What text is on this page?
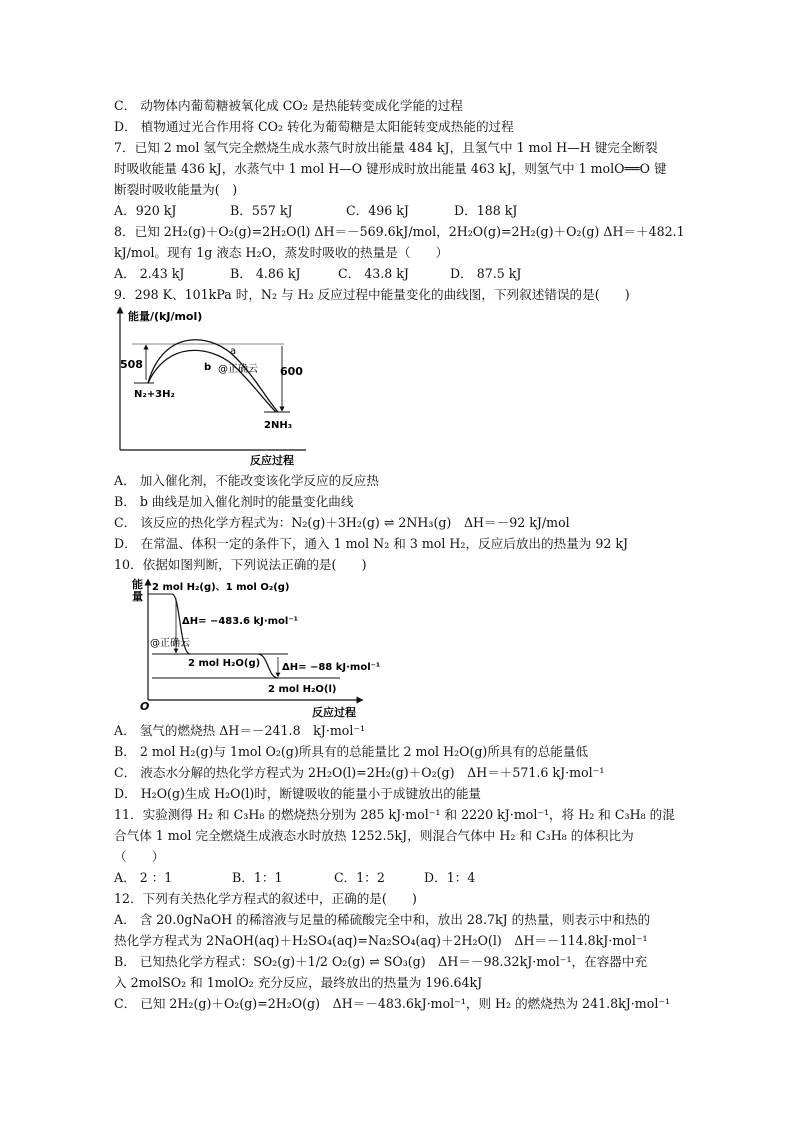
C． 动物体内葡萄糖被氧化成 CO₂ 是热能转变成化学能的过程
D． 植物通过光合作用将 CO₂ 转化为葡萄糖是太阳能转变成热能的过程
7．已知 2 mol 氢气完全燃烧生成水蒸气时放出能量 484 kJ，且氢气中 1 mol H—H 键完全断裂
时吸收能量 436 kJ，水蒸气中 1 mol H—O 键形成时放出能量 463 kJ，则氢气中 1 molO══O 键
断裂时吸收能量为(　)
A．920 kJ	B．557 kJ	C．496 kJ	D．188 kJ
8．已知 2H₂(g)＋O₂(g)=2H₂O(l) ΔH＝－569.6kJ/mol，2H₂O(g)=2H₂(g)＋O₂(g) ΔH＝＋482.1
kJ/mol。现有 1g 液态 H₂O，蒸发时吸收的热量是（　　）
A． 2.43 kJ	B． 4.86 kJ	C． 43.8 kJ	D． 87.5 kJ
9．298 K、101kPa 时，N₂ 与 H₂ 反应过程中能量变化的曲线图，下列叙述错误的是(　　)
能量/(kJ/mol)
反应过程
508
600
a
b @正确云
N₂+3H₂
2NH₃
A． 加入催化剂，不能改变该化学反应的反应热
B． b 曲线是加入催化剂时的能量变化曲线
C． 该反应的热化学方程式为：N₂(g)＋3H₂(g) ⇌ 2NH₃(g)　ΔH＝－92 kJ/mol
D． 在常温、体积一定的条件下，通入 1 mol N₂ 和 3 mol H₂，反应后放出的热量为 92 kJ
10．依据如图判断，下列说法正确的是(　　)
能
量
O	反应过程
2 mol H₂(g)、1 mol O₂(g)
2 mol H₂O(g)
@正确云
ΔH= −483.6 kJ·mol⁻¹
ΔH= −88 kJ·mol⁻¹
2 mol H₂O(l)
A． 氢气的燃烧热 ΔH＝－241.8　kJ·mol⁻¹
B． 2 mol H₂(g)与 1mol O₂(g)所具有的总能量比 2 mol H₂O(g)所具有的总能量低
C． 液态水分解的热化学方程式为 2H₂O(l)=2H₂(g)＋O₂(g)　ΔH＝＋571.6 kJ·mol⁻¹
D． H₂O(g)生成 H₂O(l)时，断键吸收的能量小于成键放出的能量
11．实验测得 H₂ 和 C₃H₈ 的燃烧热分别为 285 kJ·mol⁻¹ 和 2220 kJ·mol⁻¹，将 H₂ 和 C₃H₈ 的混
合气体 1 mol 完全燃烧生成液态水时放热 1252.5kJ，则混合气体中 H₂ 和 C₃H₈ 的体积比为
（　　）
A． 2 ：1	B．1：1	C．1：2	D．1：4
12．下列有关热化学方程式的叙述中，正确的是(　　)
A． 含 20.0gNaOH 的稀溶液与足量的稀硫酸完全中和，放出 28.7kJ 的热量，则表示中和热的
热化学方程式为 2NaOH(aq)＋H₂SO₄(aq)=Na₂SO₄(aq)＋2H₂O(l)　ΔH＝－114.8kJ·mol⁻¹
B． 已知热化学方程式：SO₂(g)＋1/2 O₂(g) ⇌ SO₃(g)　ΔH＝－98.32kJ·mol⁻¹，在容器中充
入 2molSO₂ 和 1molO₂ 充分反应，最终放出的热量为 196.64kJ
C． 已知 2H₂(g)＋O₂(g)=2H₂O(g)　ΔH＝－483.6kJ·mol⁻¹，则 H₂ 的燃烧热为 241.8kJ·mol⁻¹
